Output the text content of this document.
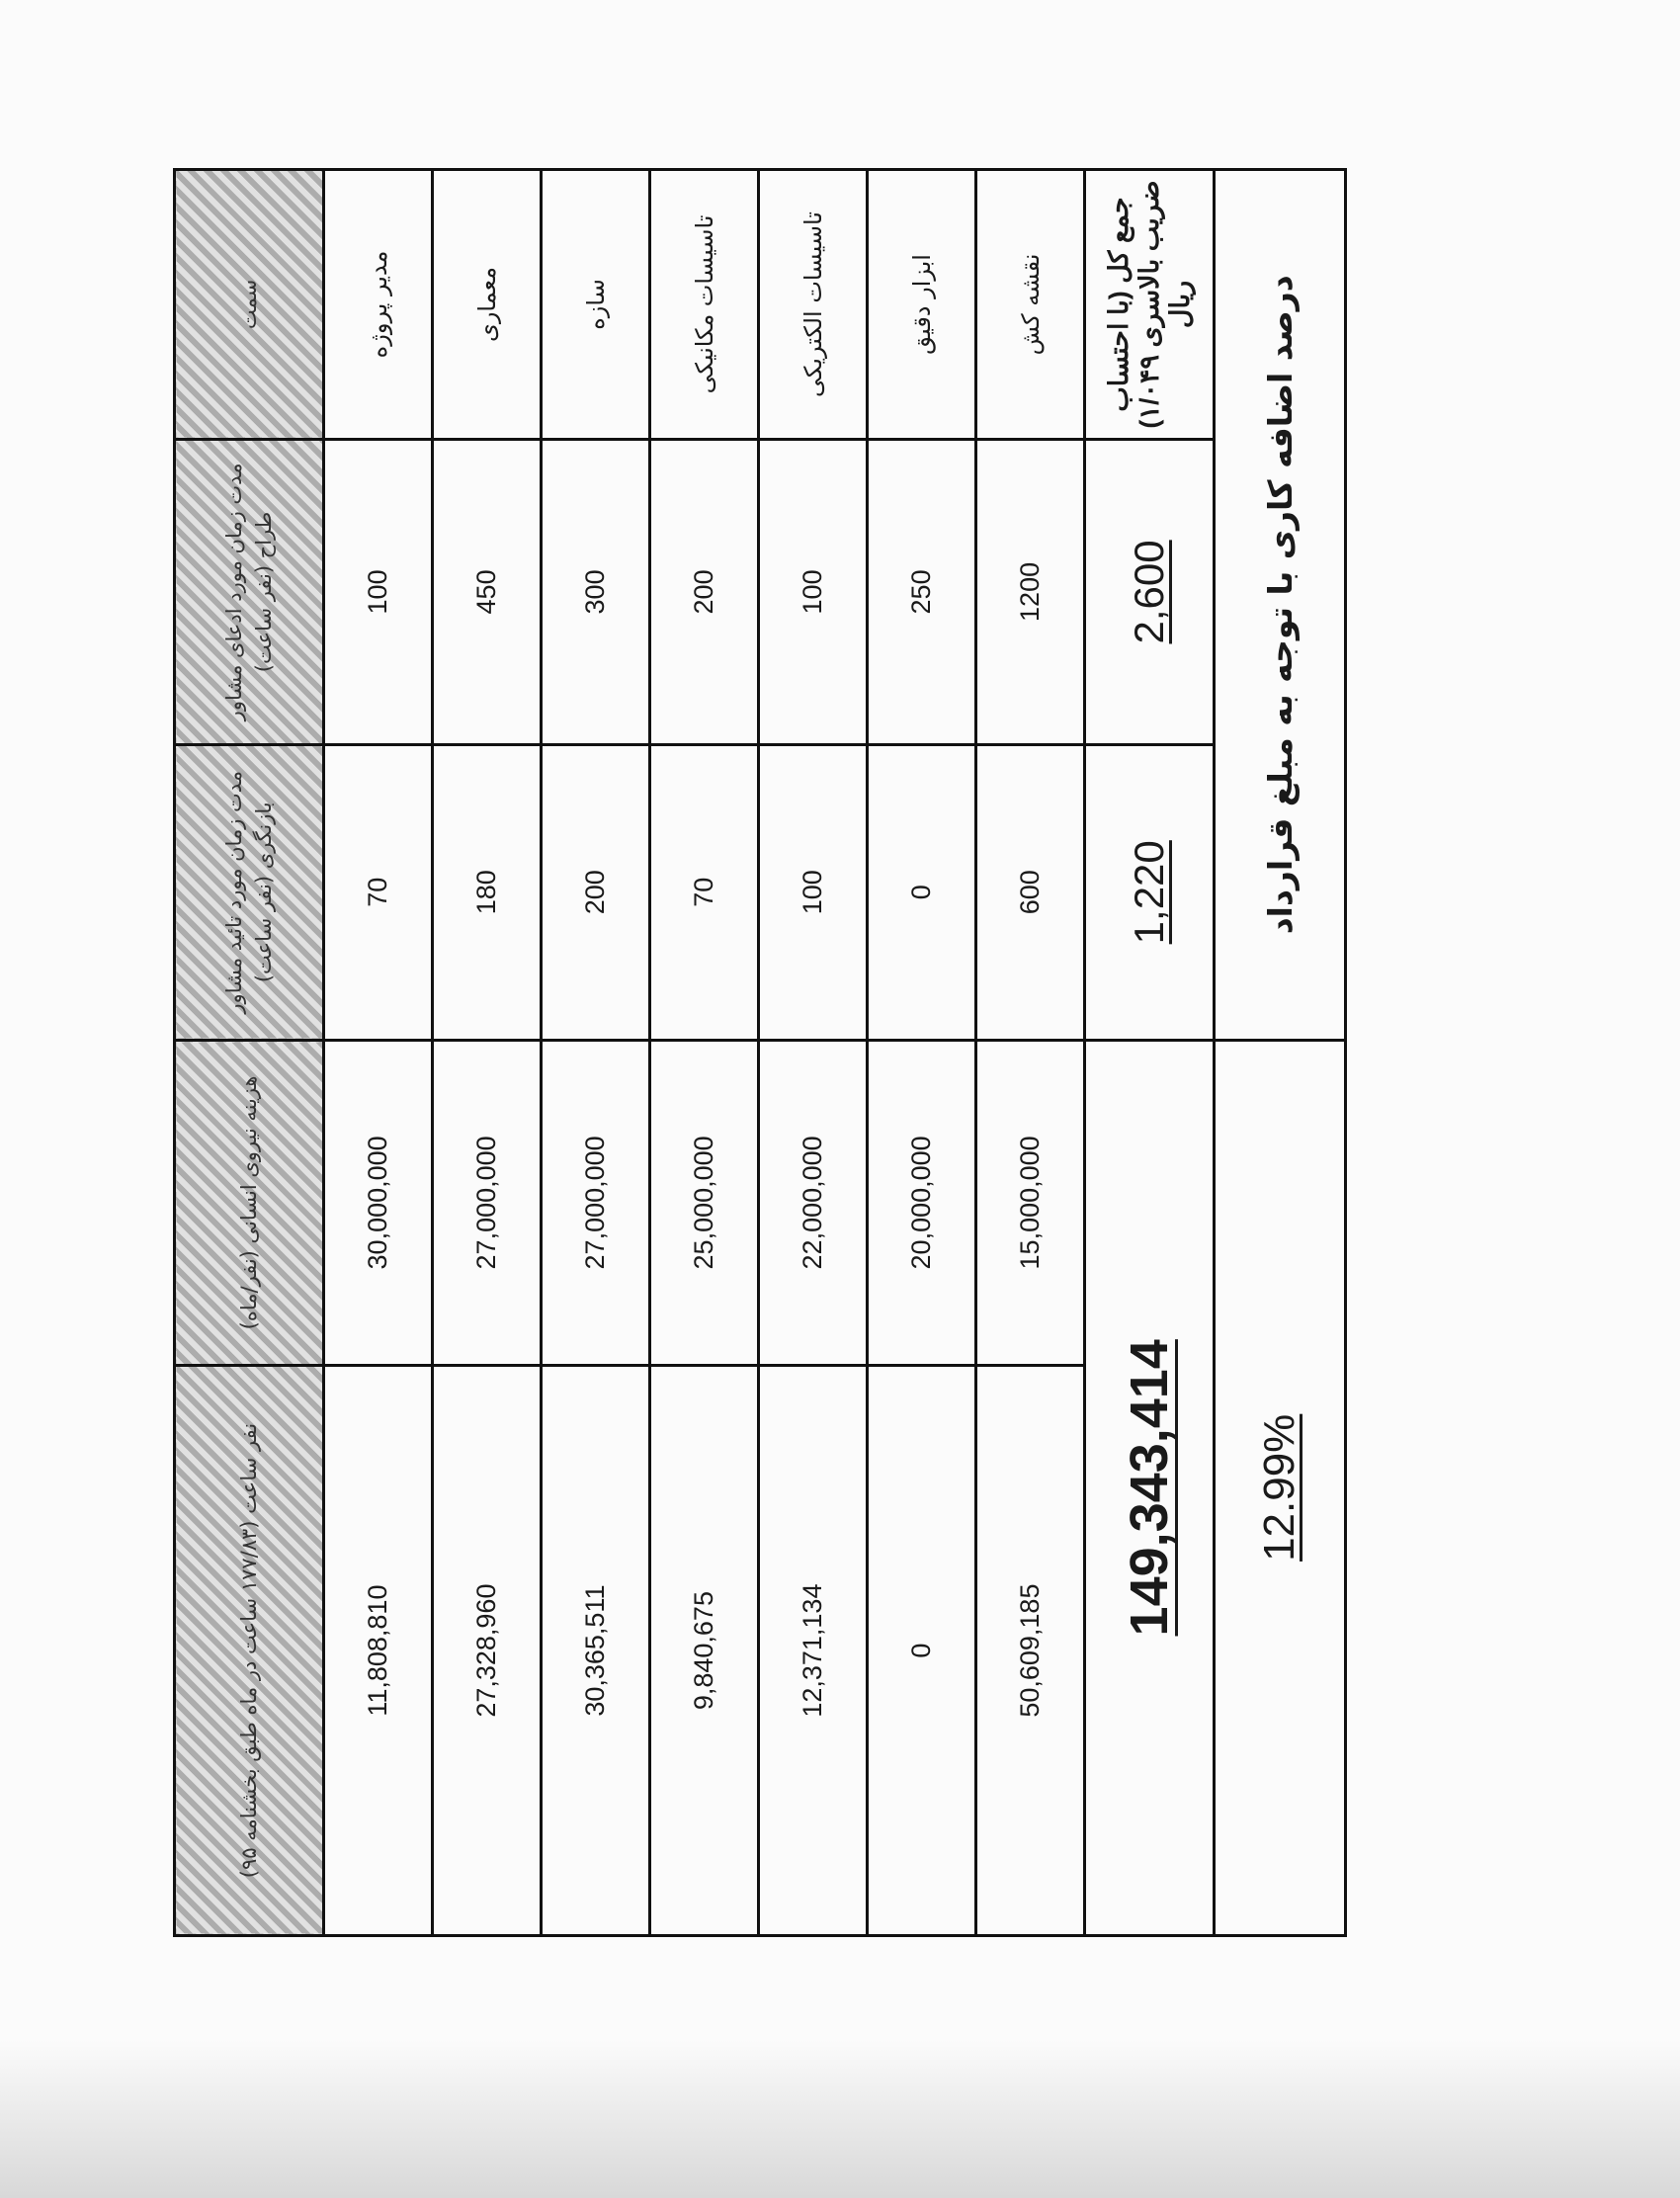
سمت	مدت زمان مورد ادعای مشاور طراح (نفر ساعت)	مدت زمان مورد تائید مشاور بازنگری (نفر ساعت)	هزینه نیروی انسانی (نفر/ماه)	نفر ساعت (۱۷۷/۸۳ ساعت در ماه طبق بخشنامه ۹۵)
مدیر پروژه	100	70	30,000,000	11,808,810
معماری	450	180	27,000,000	27,328,960
سازه	300	200	27,000,000	30,365,511
تاسیسات مکانیکی	200	70	25,000,000	9,840,675
تاسیسات الکتریکی	100	100	22,000,000	12,371,134
ابزار دقیق	250	0	20,000,000	0
نقشه کش	1200	600	15,000,000	50,609,185
جمع کل (با احتساب ضریب بالاسری ۱/۰۴۹) ریال	2,600	1,220	149,343,414	
درصد اضافه کاری با توجه به مبلغ قرارداد			12.99%	
